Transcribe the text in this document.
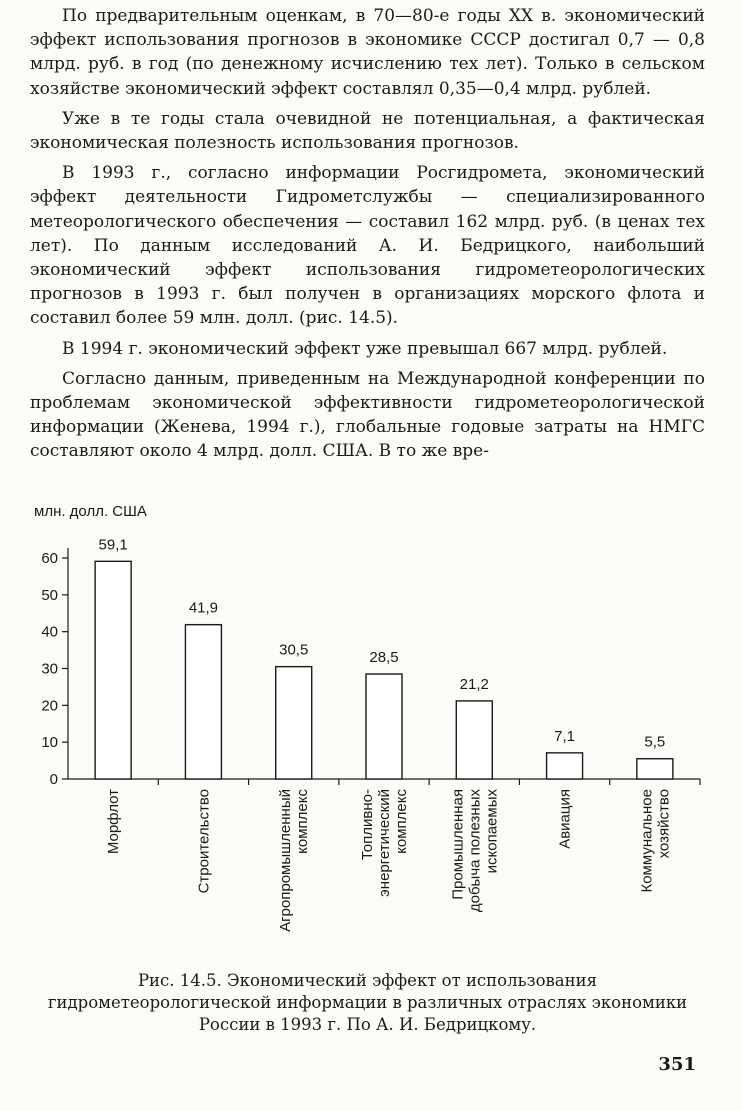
По предварительным оценкам, в 70—80-е годы XX в. экономический эффект использования прогнозов в экономике СССР достигал 0,7 — 0,8 млрд. руб. в год (по денежному исчислению тех лет). Только в сельском хозяйстве экономический эффект составлял 0,35—0,4 млрд. рублей.

Уже в те годы стала очевидной не потенциальная, а фактическая экономическая полезность использования прогнозов.

В 1993 г., согласно информации Росгидромета, экономический эффект деятельности Гидрометслужбы — специализированного метеорологического обеспечения — составил 162 млрд. руб. (в ценах тех лет). По данным исследований А. И. Бедрицкого, наибольший экономический эффект использования гидрометеорологических прогнозов в 1993 г. был получен в организациях морского флота и составил более 59 млн. долл. (рис. 14.5).

В 1994 г. экономический эффект уже превышал 667 млрд. рублей.

Согласно данным, приведенным на Международной конференции по проблемам экономической эффективности гидрометеорологической информации (Женева, 1994 г.), глобальные годовые затраты на НМГС составляют около 4 млрд. долл. США. В то же вре-

млн. долл. США
0
10
20
30
40
50
60
59,1
Морфлот
41,9
Строительство
30,5
Агропромышленныйкомплекс
28,5
Топливно-энергетическийкомплекс
21,2
Промышленнаядобыча полезныхископаемых
7,1
Авиация
5,5
Коммунальноехозяйство
Рис. 14.5. Экономический эффект от использования гидрометеорологической информации в различных отраслях экономики России в 1993 г. По А. И. Бедрицкому.
351
